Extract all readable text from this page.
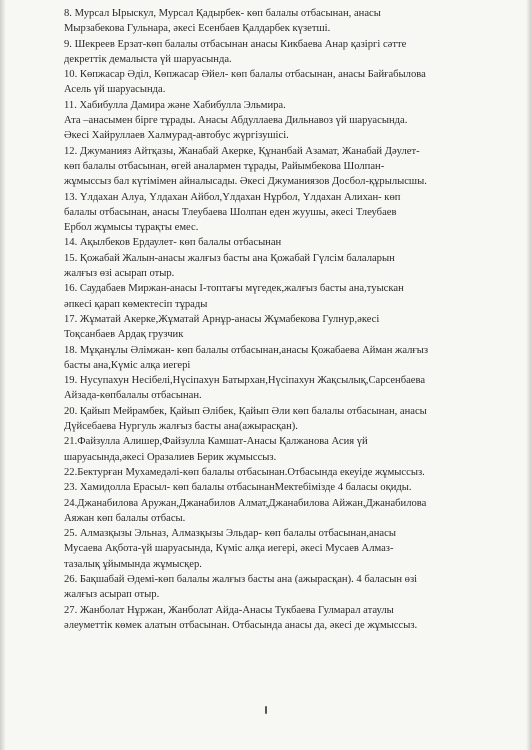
8. Мурсал Ырыскул, Мурсал Қадырбек- көп балалы отбасынан, анасы
Мырзабекова Гульнара, әкесі Есенбаев Қалдарбек күзетші.

9. Шекреев Ерзат-көп балалы отбасынан анасы Кикбаева Анар қазіргі сәтте
декреттік демалыста үй шаруасында.

10. Көпжасар Әділ, Көпжасар Әйел- көп балалы отбасынан, анасы Байғабылова
Асель үй шаруасында.

11. Хабибулла Дамира және Хабибулла Эльмира.
Ата –анасымен бірге тұрады. Анасы Абдуллаева Дильнавоз үй шаруасында.
Әкесі Хайруллаев Халмурад-автобус жүргізушісі.

12. Джуманияз Айтқазы, Жанабай Акерке, Құнанбай Азамат, Жанабай Дәулет-
көп балалы отбасынан, өгей аналармен тұрады, Райымбекова Шолпан-
жұмыссыз бал күтімімен айналысады. Әкесі Джуманиязов Досбол-құрылысшы.

13. Үлдахан Алуа, Үлдахан Айбол,Үлдахан Нұрбол, Үлдахан Алихан- көп
балалы отбасынан, анасы Тлеубаева Шолпан еден жуушы, әкесі Тлеубаев
Ербол жұмысы тұрақты емес.

14. Ақылбеков Ердаулет- көп балалы отбасынан

15. Қожабай Жалын-анасы жалғыз басты ана Қожабай Гүлсім балаларын
жалғыз өзі асырап отыр.

16. Саудабаев Миржан-анасы І-топтағы мүгедек,жалғыз басты ана,туыскан
әпкесі қарап көмектесіп тұрады

17. Жұматай Акерке,Жұматай Арнұр-анасы Жұмабекова Гулнур,әкесі
Тоқсанбаев Ардақ грузчик

18. Мұқанұлы Әлімжан- көп балалы отбасынан,анасы Қожабаева Айман жалғыз
басты ана,Күміс алқа иегері

19. Нусупахун Несібелі,Нүсіпахун Батырхан,Нүсіпахун Жақсылық,Сарсенбаева
Айзада-көпбалалы отбасынан.

20. Қайып Мейрамбек, Қайып Әлібек, Қайып Әли көп балалы отбасынан, анасы
Дүйсебаева Нургуль жалғыз басты ана(ажырасқан).

21.Файзулла Алишер,Файзулла Камшат-Анасы Қалжанова Асия үй
шаруасында,әкесі Оразалиев Берик жұмыссыз.

22.Бектурған Мухамедәлі-көп балалы отбасынан.Отбасында екеуіде жұмыссыз.

23. Хамидолла Ерасыл- көп балалы отбасынанМектебімізде 4 баласы оқиды.

24.Джанабилова Аружан,Джанабилов Алмат,Джанабилова Айжан,Джанабилова
Аяжан көп балалы отбасы.

25. Алмазқызы Эльназ, Алмазқызы Эльдар- көп балалы отбасынан,анасы
Мусаева Ақбота-үй шаруасында, Күміс алқа иегері, әкесі Мусаев Алмаз-
тазалық ұйымында жұмысқер.

26. Бақшабай Әдемі-көп балалы жалғыз басты ана (ажырасқан). 4 баласын өзі
жалғыз асырап отыр.

27. Жанболат Нұржан, Жанболат Айда-Анасы Тукбаева Гулмарал атаулы
әлеуметтік көмек алатын отбасынан. Отбасында анасы да, әкесі де жұмыссыз.
